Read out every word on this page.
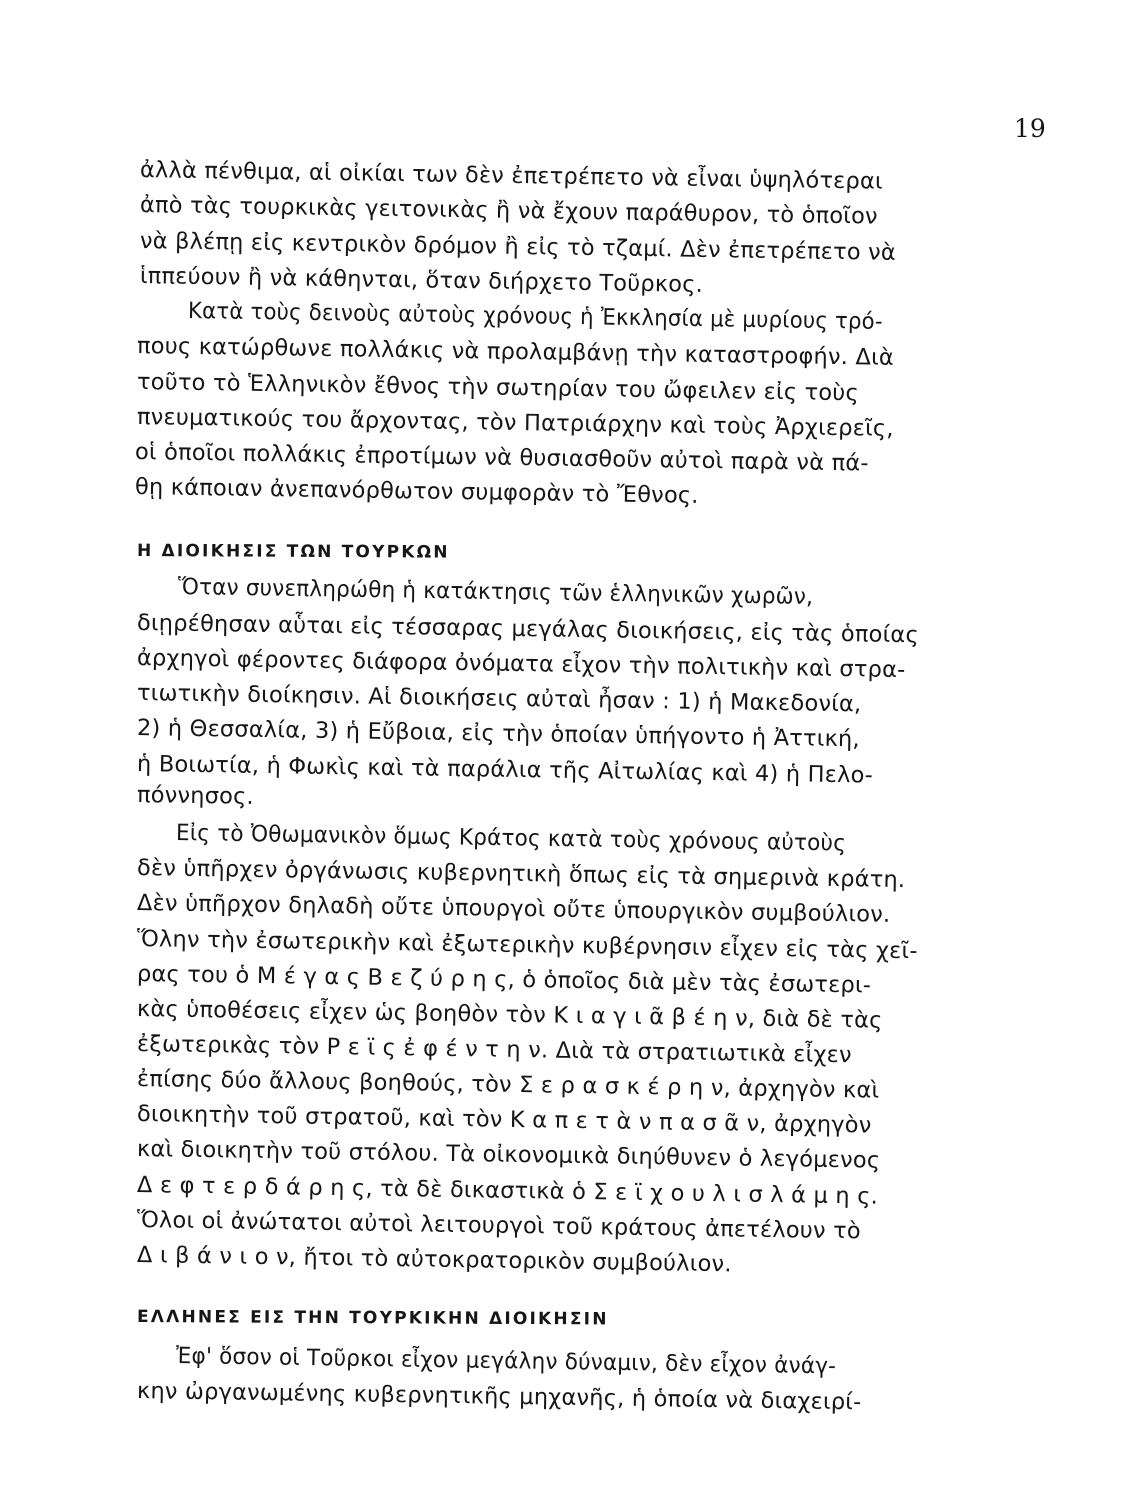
19
ἀλλὰ πένθιμα, αἱ οἰκίαι των δὲν ἐπετρέπετο νὰ εἶναι ὑψηλότεραι
ἀπὸ τὰς τουρκικὰς γειτονικὰς ἢ νὰ ἔχουν παράθυρον, τὸ ὁποῖον
νὰ βλέπῃ εἰς κεντρικὸν δρόμον ἢ εἰς τὸ τζαμί. Δὲν ἐπετρέπετο νὰ
ἱππεύουν ἢ νὰ κάθηνται, ὅταν διήρχετο Τοῦρκος.
Κατὰ τοὺς δεινοὺς αὐτοὺς χρόνους ἡ Ἐκκλησία μὲ μυρίους τρό-
πους κατώρθωνε πολλάκις νὰ προλαμβάνῃ τὴν καταστροφήν. Διὰ
τοῦτο τὸ Ἑλληνικὸν ἔθνος τὴν σωτηρίαν του ὤφειλεν εἰς τοὺς
πνευματικούς του ἄρχοντας, τὸν Πατριάρχην καὶ τοὺς Ἀρχιερεῖς,
οἱ ὁποῖοι πολλάκις ἐπροτίμων νὰ θυσιασθοῦν αὐτοὶ παρὰ νὰ πά-
θῃ κάποιαν ἀνεπανόρθωτον συμφορὰν τὸ Ἔθνος.
Η ΔΙΟΙΚΗΣΙΣ ΤΩΝ ΤΟΥΡΚΩΝ
Ὅταν συνεπληρώθη ἡ κατάκτησις τῶν ἑλληνικῶν χωρῶν,
διῃρέθησαν αὗται εἰς τέσσαρας μεγάλας διοικήσεις, εἰς τὰς ὁποίας
ἀρχηγοὶ φέροντες διάφορα ὀνόματα εἶχον τὴν πολιτικὴν καὶ στρα-
τιωτικὴν διοίκησιν. Αἱ διοικήσεις αὐταὶ ἦσαν : 1) ἡ Μακεδονία,
2) ἡ Θεσσαλία, 3) ἡ Εὔβοια, εἰς τὴν ὁποίαν ὑπήγοντο ἡ Ἀττική,
ἡ Βοιωτία, ἡ Φωκὶς καὶ τὰ παράλια τῆς Αἰτωλίας καὶ 4) ἡ Πελο-
πόννησος.
Εἰς τὸ Ὀθωμανικὸν ὅμως Κράτος κατὰ τοὺς χρόνους αὐτοὺς
δὲν ὑπῆρχεν ὀργάνωσις κυβερνητικὴ ὅπως εἰς τὰ σημερινὰ κράτη.
Δὲν ὑπῆρχον δηλαδὴ οὔτε ὑπουργοὶ οὔτε ὑπουργικὸν συμβούλιον.
Ὅλην τὴν ἐσωτερικὴν καὶ ἐξωτερικὴν κυβέρνησιν εἶχεν εἰς τὰς χεῖ-
ρας του ὁ Μ έ γ α ς Β ε ζ ύ ρ η ς, ὁ ὁποῖος διὰ μὲν τὰς ἐσωτερι-
κὰς ὑποθέσεις εἶχεν ὡς βοηθὸν τὸν Κ ι α γ ι ᾶ β έ η ν, διὰ δὲ τὰς
ἐξωτερικὰς τὸν Ρ ε ϊ ς ἐ φ έ ν τ η ν. Διὰ τὰ στρατιωτικὰ εἶχεν
ἐπίσης δύο ἄλλους βοηθούς, τὸν Σ ε ρ α σ κ έ ρ η ν, ἀρχηγὸν καὶ
διοικητὴν τοῦ στρατοῦ, καὶ τὸν Κ α π ε τ ὰ ν π α σ ᾶ ν, ἀρχηγὸν
καὶ διοικητὴν τοῦ στόλου. Τὰ οἰκονομικὰ διηύθυνεν ὁ λεγόμενος
Δ ε φ τ ε ρ δ ά ρ η ς, τὰ δὲ δικαστικὰ ὁ Σ ε ϊ χ ο υ λ ι σ λ ά μ η ς.
Ὅλοι οἱ ἀνώτατοι αὐτοὶ λειτουργοὶ τοῦ κράτους ἀπετέλουν τὸ
Δ ι β ά ν ι ο ν, ἤτοι τὸ αὐτοκρατορικὸν συμβούλιον.
ΕΛΛΗΝΕΣ ΕΙΣ ΤΗΝ ΤΟΥΡΚΙΚΗΝ ΔΙΟΙΚΗΣΙΝ
Ἐφ' ὅσον οἱ Τοῦρκοι εἶχον μεγάλην δύναμιν, δὲν εἶχον ἀνάγ-
κην ὠργανωμένης κυβερνητικῆς μηχανῆς, ἡ ὁποία νὰ διαχειρί-
